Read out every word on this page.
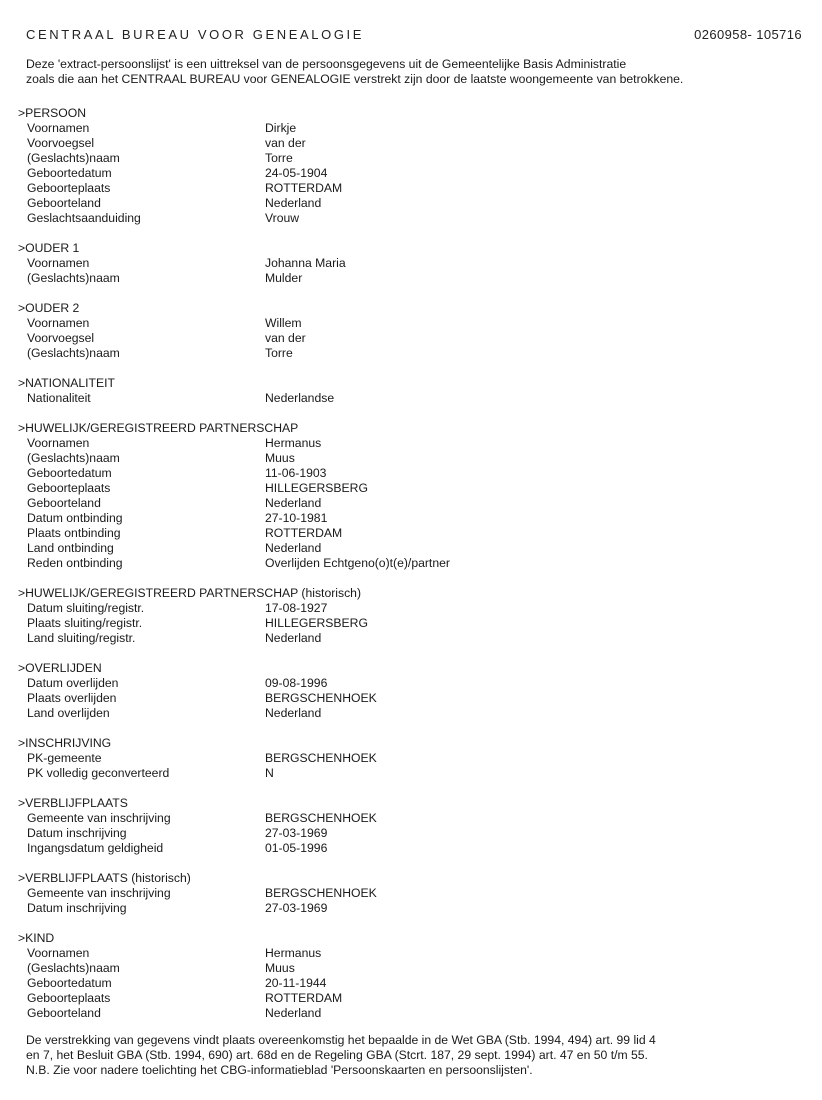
CENTRAAL BUREAU VOOR GENEALOGIE	0260958- 105716

Deze 'extract-persoonslijst' is een uittreksel van de persoonsgegevens uit de Gemeentelijke Basis Administratie

zoals die aan het CENTRAAL BUREAU voor GENEALOGIE verstrekt zijn door de laatste woongemeente van betrokkene.

>PERSOON
Voornamen	Dirkje
Voorvoegsel	van der
(Geslachts)naam	Torre
Geboortedatum	24-05-1904
Geboorteplaats	ROTTERDAM
Geboorteland	Nederland
Geslachtsaanduiding	Vrouw
>OUDER 1
Voornamen	Johanna Maria
(Geslachts)naam	Mulder
>OUDER 2
Voornamen	Willem
Voorvoegsel	van der
(Geslachts)naam	Torre
>NATIONALITEIT
Nationaliteit	Nederlandse
>HUWELIJK/GEREGISTREERD PARTNERSCHAP
Voornamen	Hermanus
(Geslachts)naam	Muus
Geboortedatum	11-06-1903
Geboorteplaats	HILLEGERSBERG
Geboorteland	Nederland
Datum ontbinding	27-10-1981
Plaats ontbinding	ROTTERDAM
Land ontbinding	Nederland
Reden ontbinding	Overlijden Echtgeno(o)t(e)/partner
>HUWELIJK/GEREGISTREERD PARTNERSCHAP (historisch)
Datum sluiting/registr.	17-08-1927
Plaats sluiting/registr.	HILLEGERSBERG
Land sluiting/registr.	Nederland
>OVERLIJDEN
Datum overlijden	09-08-1996
Plaats overlijden	BERGSCHENHOEK
Land overlijden	Nederland
>INSCHRIJVING
PK-gemeente	BERGSCHENHOEK
PK volledig geconverteerd	N
>VERBLIJFPLAATS
Gemeente van inschrijving	BERGSCHENHOEK
Datum inschrijving	27-03-1969
Ingangsdatum geldigheid	01-05-1996
>VERBLIJFPLAATS (historisch)
Gemeente van inschrijving	BERGSCHENHOEK
Datum inschrijving	27-03-1969
>KIND
Voornamen	Hermanus
(Geslachts)naam	Muus
Geboortedatum	20-11-1944
Geboorteplaats	ROTTERDAM
Geboorteland	Nederland

De verstrekking van gegevens vindt plaats overeenkomstig het bepaalde in de Wet GBA (Stb. 1994, 494) art. 99 lid 4

en 7, het Besluit GBA (Stb. 1994, 690) art. 68d en de Regeling GBA (Stcrt. 187, 29 sept. 1994) art. 47 en 50 t/m 55.

N.B. Zie voor nadere toelichting het CBG-informatieblad 'Persoonskaarten en persoonslijsten'.
